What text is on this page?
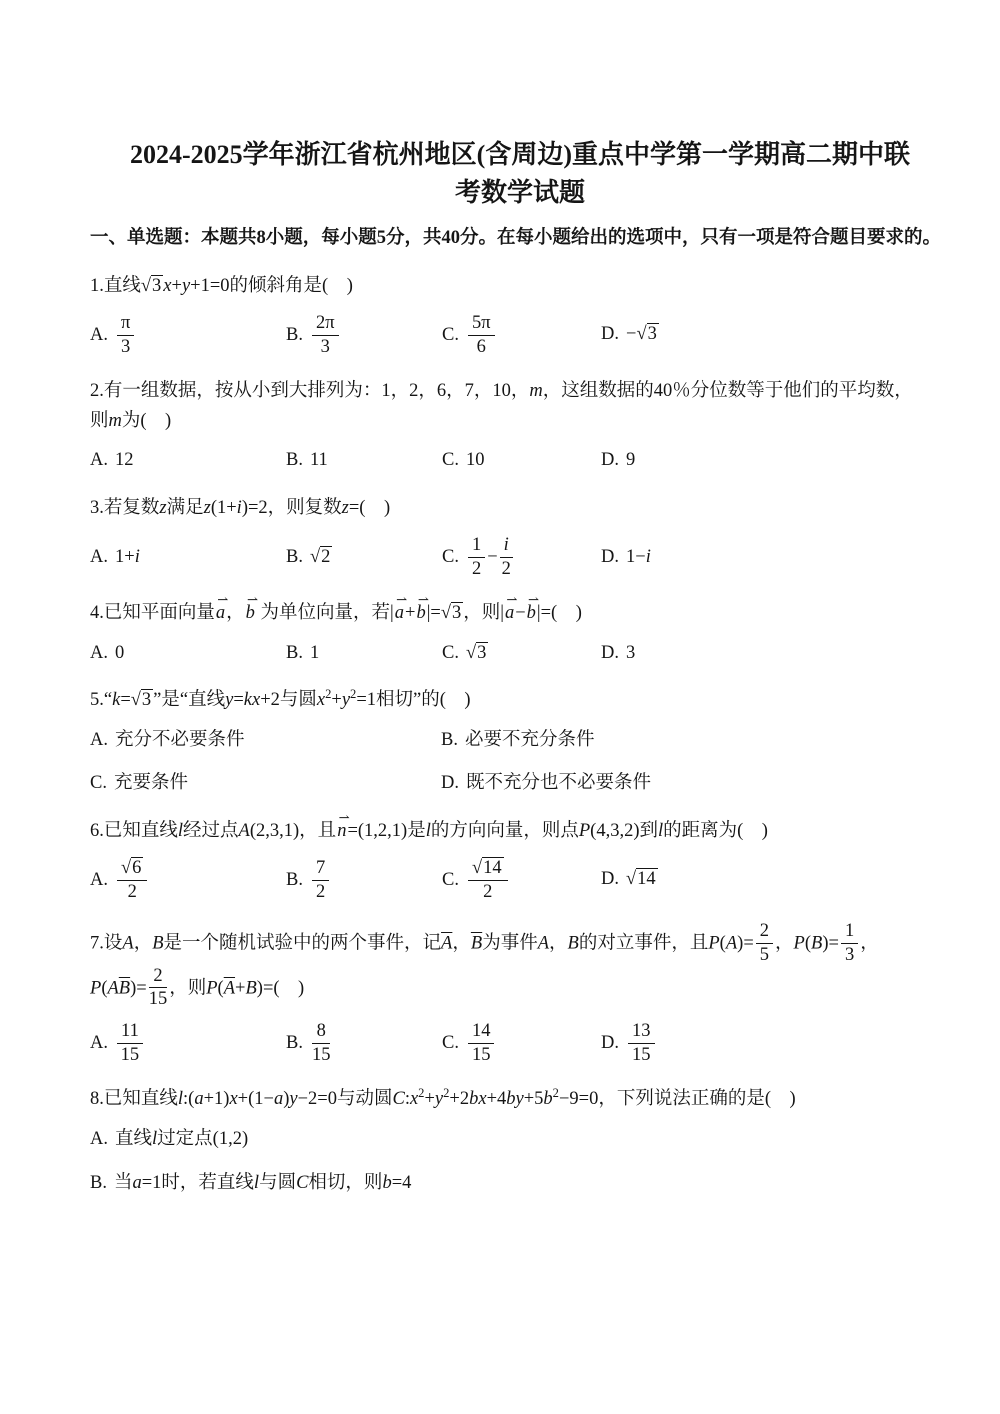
2024-2025学年浙江省杭州地区(含周边)重点中学第一学期高二期中联
考数学试题

一、单选题：本题共8小题，每小题5分，共40分。在每小题给出的选项中，只有一项是符合题目要求的。

1.直线√3 x+y+1=0的倾斜角是(　)
A. $\frac{\pi}{3}$	B. $\frac{2\pi}{3}$	C. $\frac{5\pi}{6}$	D. −√3
2.有一组数据，按从小到大排列为：1，2，6，7，10，m，这组数据的40％分位数等于他们的平均数，
则m为(　)
A. 12	B. 11	C. 10	D. 9
3.若复数z满足z(1+i)=2，则复数z=(　)
A. 1+i	B. √2	C. $\frac{1}{2} - \frac{i}{2}$	D. 1−i
4.已知平面向量
⇀
a，
⇀
b 为单位向量，若|
⇀
a+
⇀
b|=√3 ，则|
⇀
a−
⇀
b|=(　)
A. 0	B. 1	C. √3	D. 3
5.“k=√3 ”是“直线y=kx+2与圆$x^2+y^2=1$相切”的(　)
A. 充分不必要条件	B. 必要不充分条件
C. 充要条件	D. 既不充分也不必要条件
6.已知直线l经过点A(2,3,1)，且
⇀
n=(1,2,1)是l的方向向量，则点P(4,3,2)到l的距离为(　)
A. $\frac{√6}{2}$	B. $\frac{7}{2}$	C. $\frac{√14}{2}$	D. √14
7.设A，B是一个随机试验中的两个事件，记$\overline{A}$，$\overline{B}$为事件A，B的对立事件，且$P(A)= \frac{2}{5}$ ，$P(B)= \frac{1}{3}$ ，
$P(A\overline{B})= \frac{2}{15}$ ，则$P(\overline{A}+B)=$(　)
A. $\frac{11}{15}$	B. $\frac{8}{15}$	C. $\frac{14}{15}$	D. $\frac{13}{15}$
8.已知直线l:(a+1)x+(1−a)y−2=0与动圆$C:x^2+y^2+2bx+4by+5b^2-9=0$，下列说法正确的是(　)
A. 直线l过定点(1,2)
B. 当a=1时，若直线l与圆C相切，则b=4
